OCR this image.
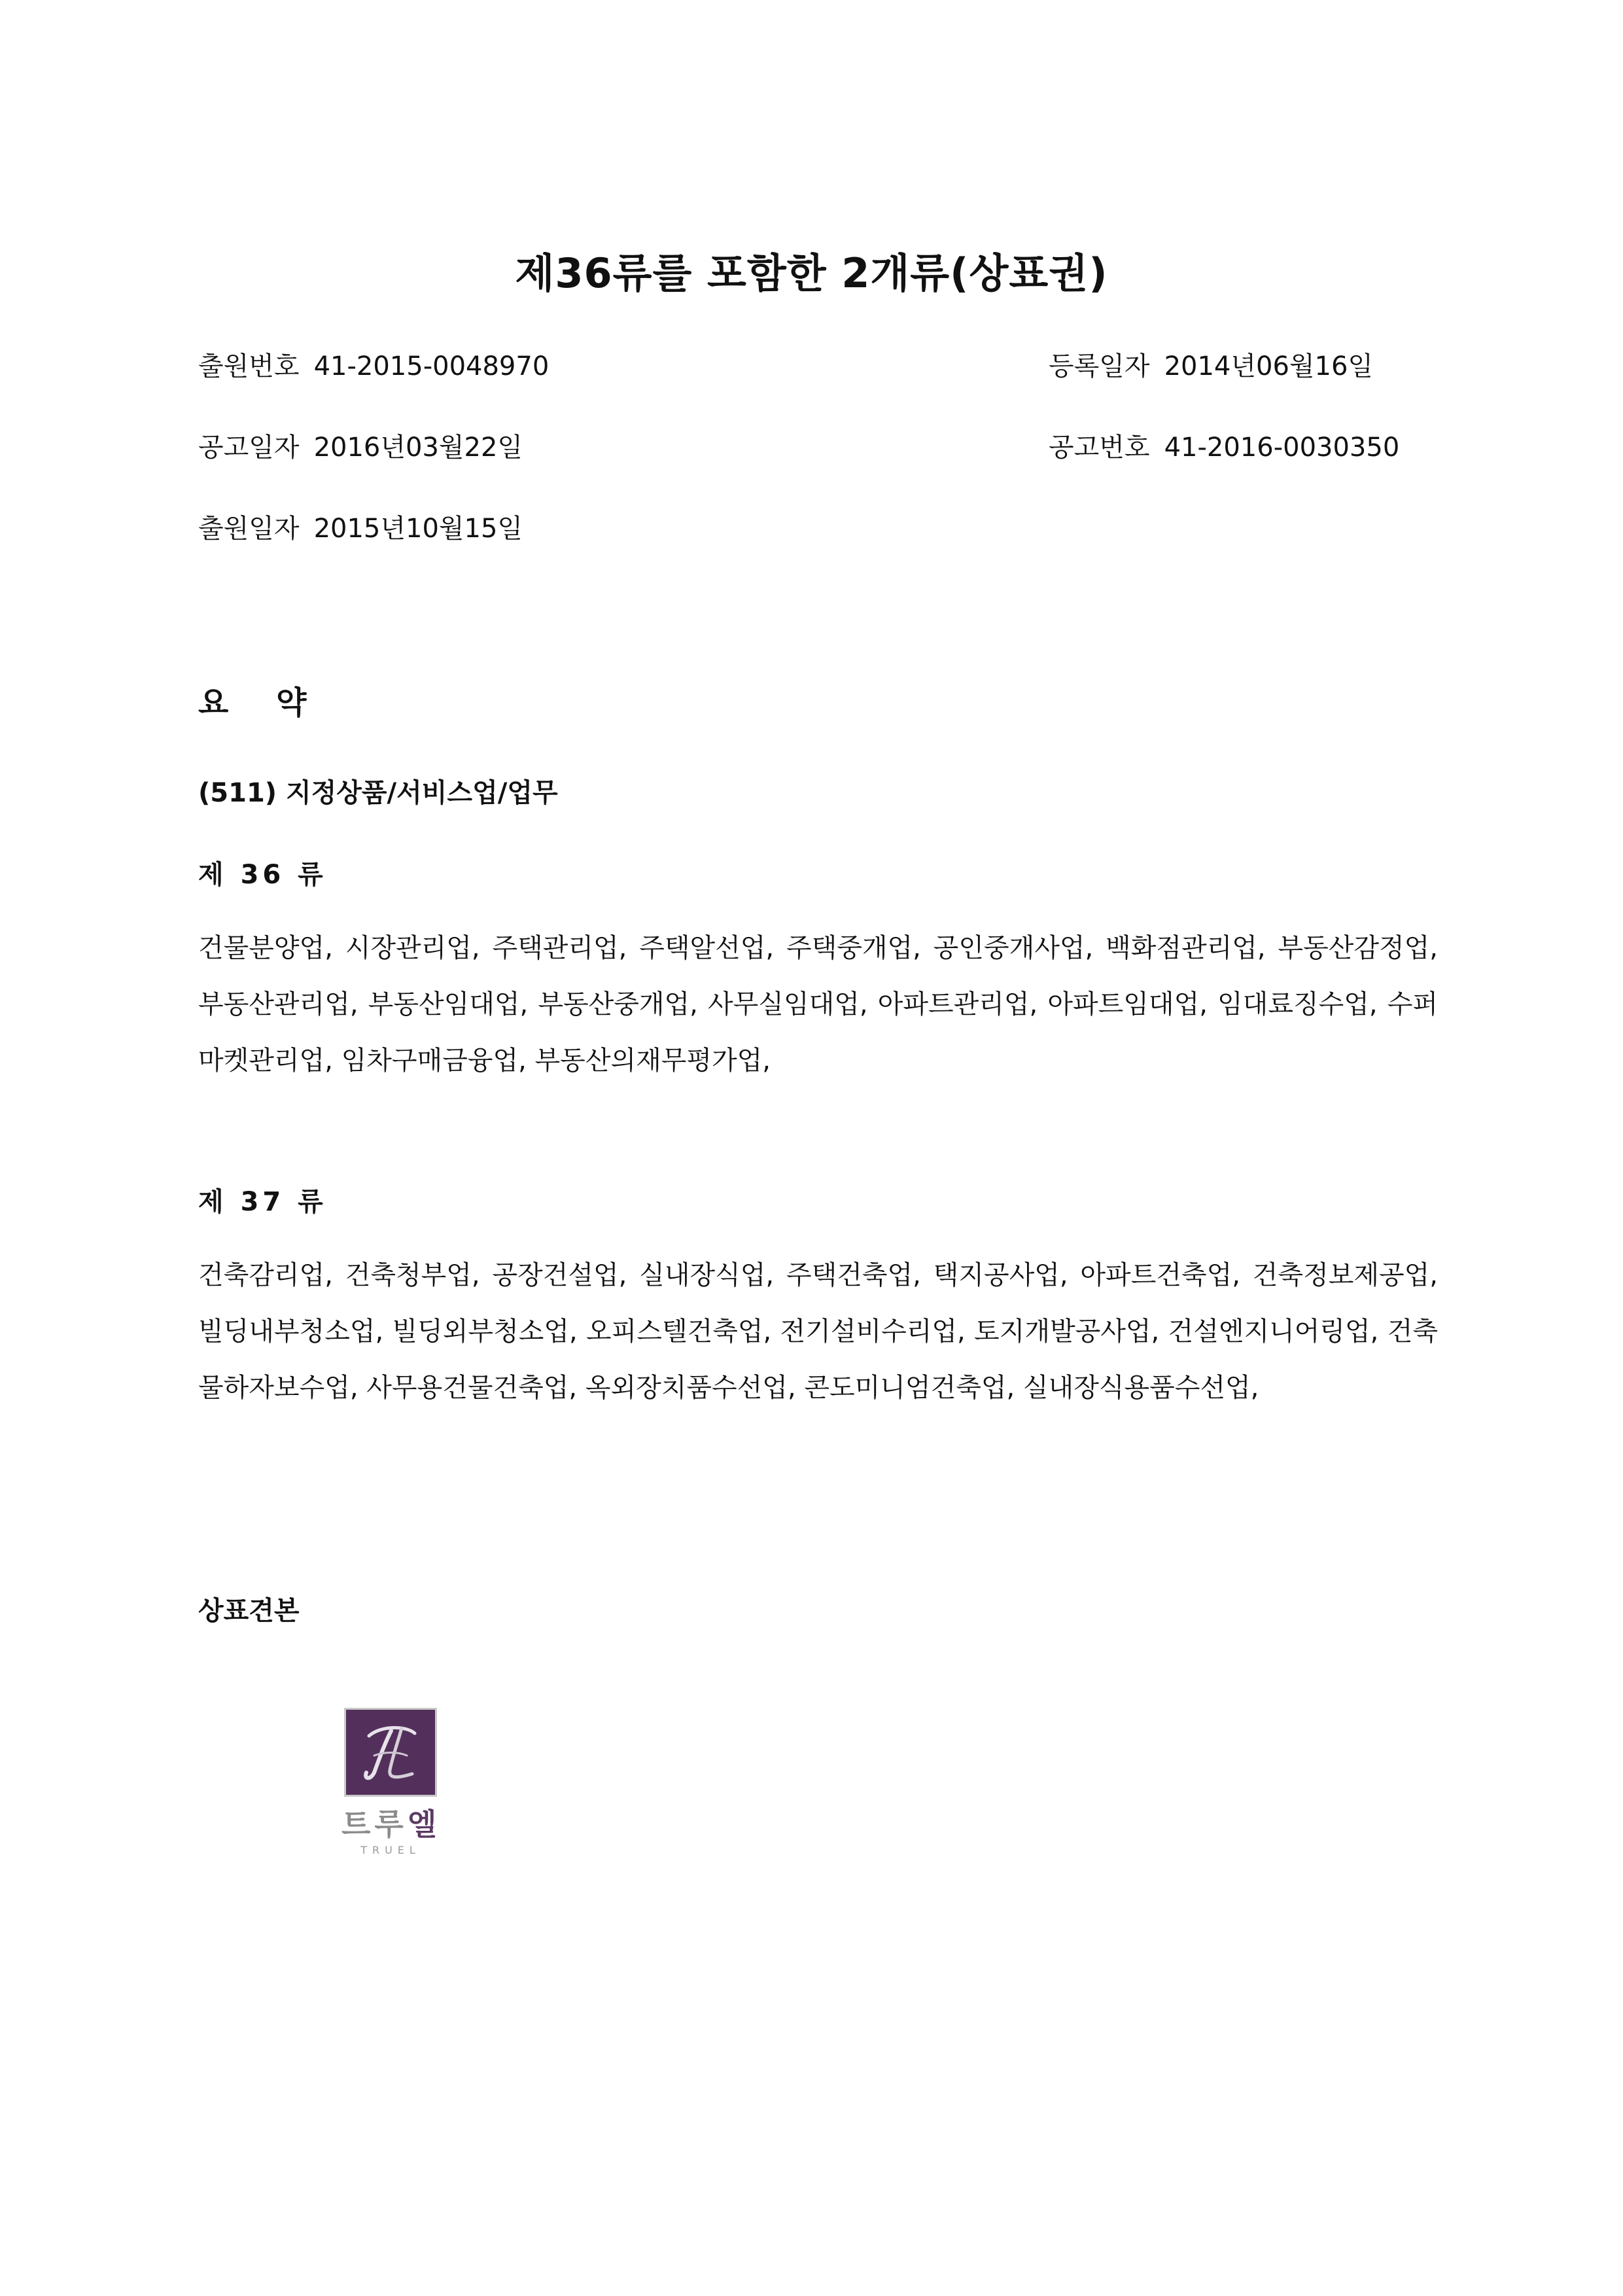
제36류를 포함한 2개류(상표권)
출원번호 41-2015-0048970	등록일자 2014년06월16일
공고일자 2016년03월22일	공고번호 41-2016-0030350
출원일자 2015년10월15일
요 약
(511) 지정상품/서비스업/업무
제 36 류
건물분양업, 시장관리업, 주택관리업, 주택알선업, 주택중개업, 공인중개사업, 백화점관리업, 부동산감정업, 부동산관리업, 부동산임대업, 부동산중개업, 사무실임대업, 아파트관리업, 아파트임대업, 임대료징수업, 수퍼 마켓관리업, 임차구매금융업, 부동산의재무평가업,
제 37 류
건축감리업, 건축청부업, 공장건설업, 실내장식업, 주택건축업, 택지공사업, 아파트건축업, 건축정보제공업, 빌딩내부청소업, 빌딩외부청소업, 오피스텔건축업, 전기설비수리업, 토지개발공사업, 건설엔지니어링업, 건축 물하자보수업, 사무용건물건축업, 옥외장치품수선업, 콘도미니엄건축업, 실내장식용품수선업,
상표견본
트루엘
TRUEL
